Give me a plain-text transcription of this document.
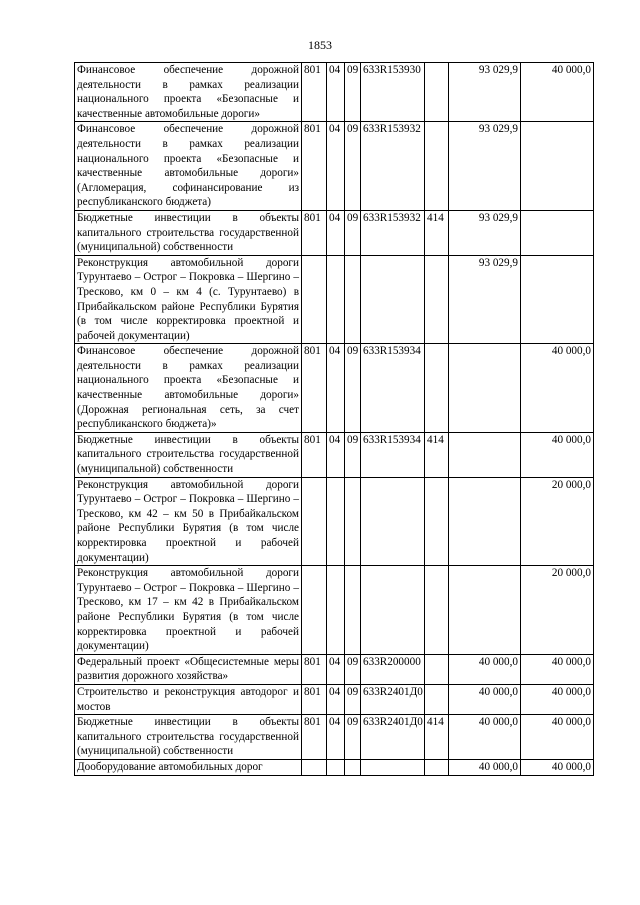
1853
Финансовое обеспечение дорожной деятельности в рамках реализации национального проекта «Безопасные и качественные автомобильные дороги»	801	04	09	633R153930		93 029,9	40 000,0
Финансовое обеспечение дорожной деятельности в рамках реализации национального проекта «Безопасные и качественные автомобильные дороги» (Агломерация, софинансирование из республиканского бюджета)	801	04	09	633R153932		93 029,9	
Бюджетные инвестиции в объекты капитального строительства государственной (муниципальной) собственности	801	04	09	633R153932	414	93 029,9	
Реконструкция автомобильной дороги Турунтаево – Острог – Покровка – Шергино – Тресково, км 0 – км 4 (с. Турунтаево) в Прибайкальском районе Республики Бурятия (в том числе корректировка проектной и рабочей документации)						93 029,9	
Финансовое обеспечение дорожной деятельности в рамках реализации национального проекта «Безопасные и качественные автомобильные дороги» (Дорожная региональная сеть, за счет республиканского бюджета)»	801	04	09	633R153934			40 000,0
Бюджетные инвестиции в объекты капитального строительства государственной (муниципальной) собственности	801	04	09	633R153934	414		40 000,0
Реконструкция автомобильной дороги Турунтаево – Острог – Покровка – Шергино – Тресково, км 42 – км 50 в Прибайкальском районе Республики Бурятия (в том числе корректировка проектной и рабочей документации)							20 000,0
Реконструкция автомобильной дороги Турунтаево – Острог – Покровка – Шергино – Тресково, км 17 – км 42 в Прибайкальском районе Республики Бурятия (в том числе корректировка проектной и рабочей документации)							20 000,0
Федеральный проект «Общесистемные меры развития дорожного хозяйства»	801	04	09	633R200000		40 000,0	40 000,0
Строительство и реконструкция автодорог и мостов	801	04	09	633R2401Д0		40 000,0	40 000,0
Бюджетные инвестиции в объекты капитального строительства государственной (муниципальной) собственности	801	04	09	633R2401Д0	414	40 000,0	40 000,0
Дооборудование автомобильных дорог						40 000,0	40 000,0
